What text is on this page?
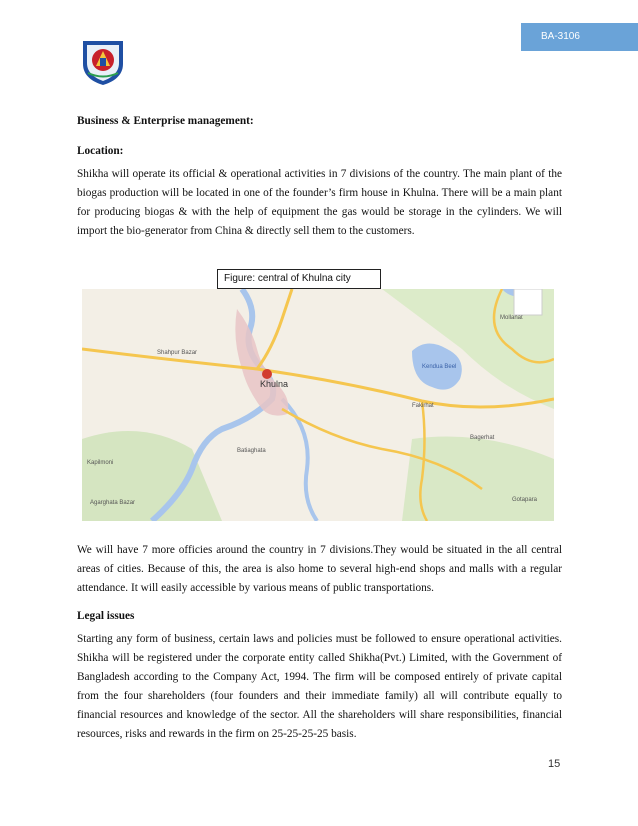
BA-3106

Business & Enterprise management:

Location:

Shikha will operate its official & operational activities in 7 divisions of the country. The main plant of the biogas production will be located in one of the founder’s firm house in Khulna. There will be a main plant for producing biogas & with the help of equipment the gas would be storage in the cylinders. We will import the bio-generator from China & directly sell them to the customers.

Figure: central of Khulna city
Khulna
Shahpur Bazar
Kendua Beel
Batiaghata
Bagerhat
Gotapara
Mollahat
Fakirhat
Kapilmoni
Agarghata Bazar

We will have 7 more officies around the country in 7 divisions.They would be situated in the all central areas of cities. Because of this, the area is also home to several high-end shops and malls with a regular attendance. It will easily accessible by various means of public transportations.

Legal issues

Starting any form of business, certain laws and policies must be followed to ensure operational activities. Shikha will be registered under the corporate entity called Shikha(Pvt.) Limited, with the Government of Bangladesh according to the Company Act, 1994. The firm will be composed entirely of private capital from the four shareholders (four founders and their immediate family) all will contribute equally to financial resources and knowledge of the sector. All the shareholders will share responsibilities, financial resources, risks and rewards in the firm on 25-25-25-25 basis.

15
